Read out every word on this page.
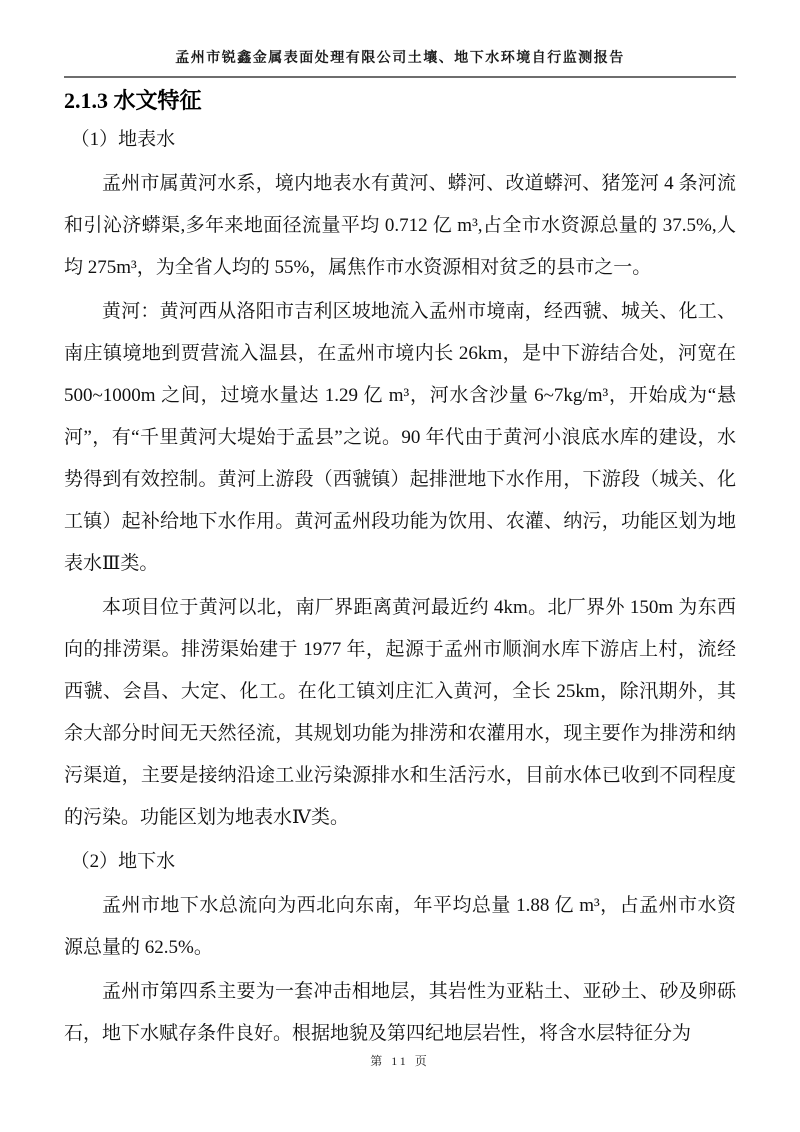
孟州市锐鑫金属表面处理有限公司土壤、地下水环境自行监测报告
2.1.3 水文特征
（1）地表水

孟州市属黄河水系，境内地表水有黄河、蟒河、改道蟒河、猪笼河 4 条河流和引沁济蟒渠,多年来地面径流量平均 0.712 亿 m³,占全市水资源总量的 37.5%,人均 275m³，为全省人均的 55%，属焦作市水资源相对贫乏的县市之一。

黄河：黄河西从洛阳市吉利区坡地流入孟州市境南，经西虢、城关、化工、南庄镇境地到贾营流入温县，在孟州市境内长 26km，是中下游结合处，河宽在 500~1000m 之间，过境水量达 1.29 亿 m³，河水含沙量 6~7kg/m³，开始成为“悬河”，有“千里黄河大堤始于孟县”之说。90 年代由于黄河小浪底水库的建设，水势得到有效控制。黄河上游段（西虢镇）起排泄地下水作用，下游段（城关、化工镇）起补给地下水作用。黄河孟州段功能为饮用、农灌、纳污，功能区划为地表水Ⅲ类。

本项目位于黄河以北，南厂界距离黄河最近约 4km。北厂界外 150m 为东西向的排涝渠。排涝渠始建于 1977 年，起源于孟州市顺涧水库下游店上村，流经西虢、会昌、大定、化工。在化工镇刘庄汇入黄河，全长 25km，除汛期外，其余大部分时间无天然径流，其规划功能为排涝和农灌用水，现主要作为排涝和纳污渠道，主要是接纳沿途工业污染源排水和生活污水，目前水体已收到不同程度的污染。功能区划为地表水Ⅳ类。

（2）地下水

孟州市地下水总流向为西北向东南，年平均总量 1.88 亿 m³，占孟州市水资源总量的 62.5%。

孟州市第四系主要为一套冲击相地层，其岩性为亚粘土、亚砂土、砂及卵砾石，地下水赋存条件良好。根据地貌及第四纪地层岩性，将含水层特征分为

第 11 页
